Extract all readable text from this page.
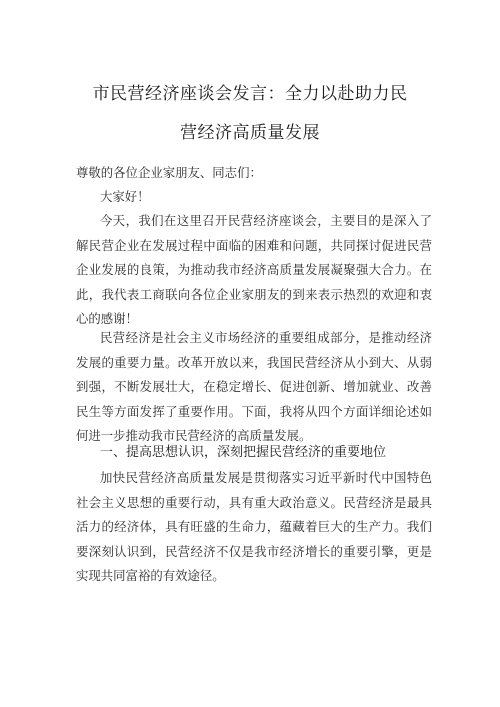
市民营经济座谈会发言：全力以赴助力民
营经济高质量发展
尊敬的各位企业家朋友、同志们：
大家好！
今天，我们在这里召开民营经济座谈会，主要目的是深入了解民营企业在发展过程中面临的困难和问题，共同探讨促进民营企业发展的良策，为推动我市经济高质量发展凝聚强大合力。在此，我代表工商联向各位企业家朋友的到来表示热烈的欢迎和衷心的感谢！
民营经济是社会主义市场经济的重要组成部分，是推动经济发展的重要力量。改革开放以来，我国民营经济从小到大、从弱到强，不断发展壮大，在稳定增长、促进创新、增加就业、改善民生等方面发挥了重要作用。下面，我将从四个方面详细论述如何进一步推动我市民营经济的高质量发展。
一、提高思想认识，深刻把握民营经济的重要地位
加快民营经济高质量发展是贯彻落实习近平新时代中国特色社会主义思想的重要行动，具有重大政治意义。民营经济是最具活力的经济体，具有旺盛的生命力，蕴藏着巨大的生产力。我们要深刻认识到，民营经济不仅是我市经济增长的重要引擎，更是实现共同富裕的有效途径。
